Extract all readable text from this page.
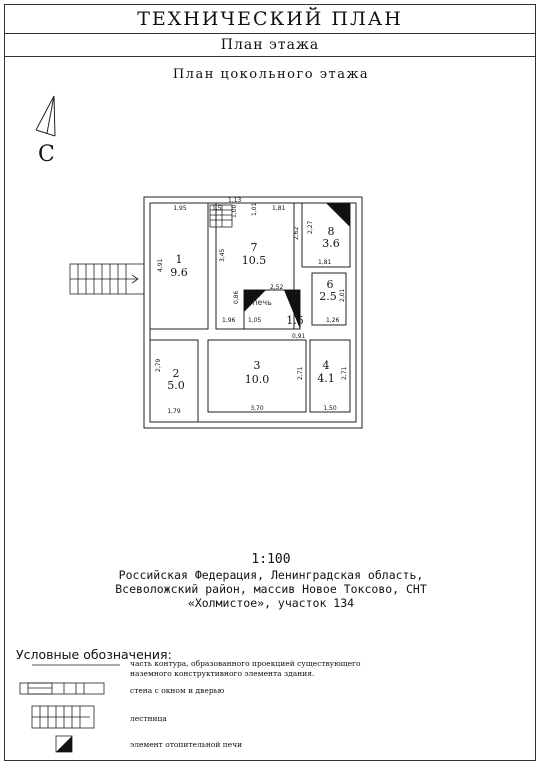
ТЕХНИЧЕСКИЙ ПЛАН
План этажа
План цокольного этажа
1
9.6
2
5.0
3
10.0
4
4.1
5
1.5
6
2.5
7
10.5
8
3.6
печь
1,95
1,13
1,5 1,00 1,01 1,81
2,62 2,27
1,81
4,91
3,45
2,52
2,01
0,86
1,96 1,05	1,26
0,91
2,79
2,71	2,71
1,79	3,70	1,50
С
1:100
Российская Федерация, Ленинградская область,
Всеволожский район, массив Новое Токсово, СНТ
«Холмистое», участок 134
Условные обозначения:
часть контура, образованного проекцией существующего
наземного конструктивного элемента здания.
стена с окном и дверью
лестница
элемент отопительной печи
